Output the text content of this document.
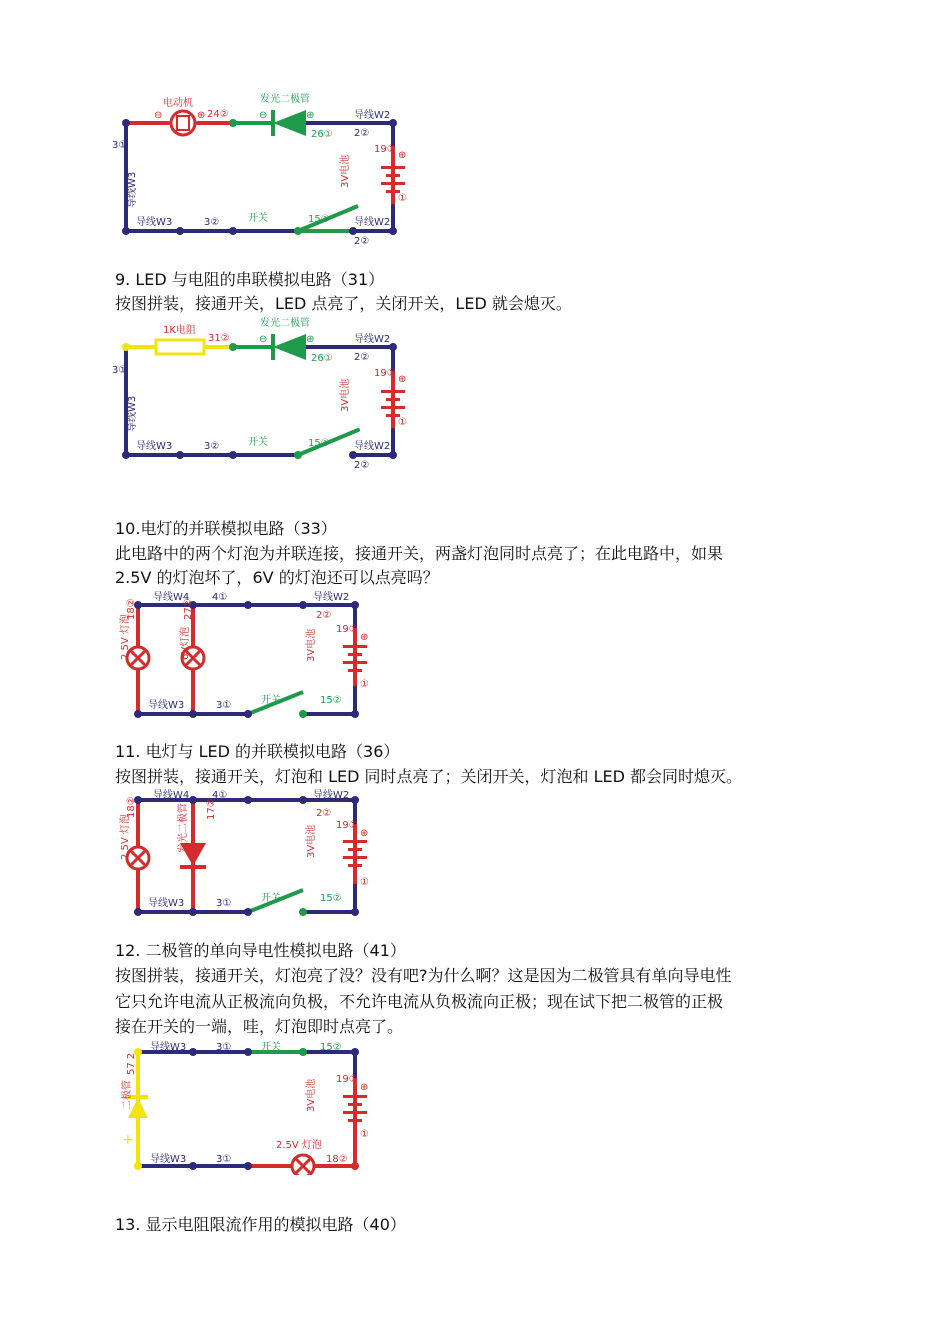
电动机	发光二极管
⊖	⊕ 24②	⊖	⊕
26①
导线W2
2②
19①
⊕
①
3V电池
3①
导线W3
导线W3	3②	开关	15① 导线W2
2②
9. LED 与电阻的串联模拟电路（31）
按图拼装，接通开关，LED 点亮了，关闭开关，LED 就会熄灭。
1K电阻
31②
发光二极管
⊖	⊕
26①
导线W2
2②
19①
⊕
①
3V电池
3①
导线W3
导线W3	3②	开关	15① 导线W2
2②
10.电灯的并联模拟电路（33）
此电路中的两个灯泡为并联连接，接通开关，两盏灯泡同时点亮了；在此电路中，如果
2.5V 的灯泡坏了，6V 的灯泡还可以点亮吗？
导线W4 4①	导线W2
2②
19①
⊕
①
3V电池
18②
2.5V 灯泡
27②
6V灯泡
导线W3	3①	开关	15②
11. 电灯与 LED 的并联模拟电路（36）
按图拼装，接通开关，灯泡和 LED 同时点亮了；关闭开关，灯泡和 LED 都会同时熄灭。
导线W4 4①	导线W2
2②
19①
⊕
①
3V电池
18②
2.5V 灯泡
17②
发光二极管
导线W3	3①	开关	15②
12. 二极管的单向导电性模拟电路（41）
按图拼装，接通开关，灯泡亮了没？没有吧?为什么啊？这是因为二极管具有单向导电性
它只允许电流从正极流向负极，不允许电流从负极流向正极；现在试下把二极管的正极
接在开关的一端，哇，灯泡即时点亮了。
导线W3	3①	开关	15②
19①
⊕
①
3V电池
57 2
二极管
+
导线W3	3①
2.5V 灯泡
18②
13. 显示电阻限流作用的模拟电路（40）
